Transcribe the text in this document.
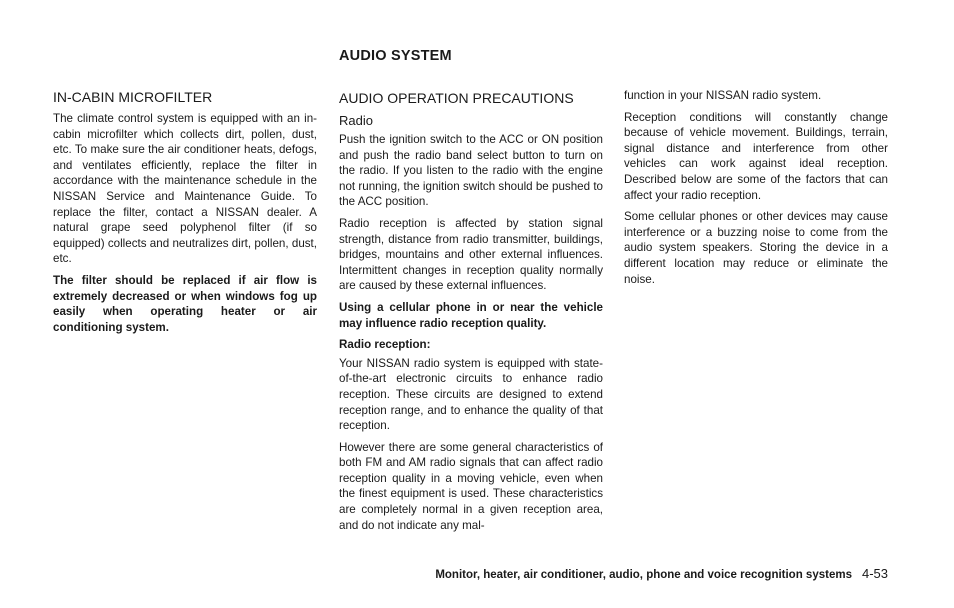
AUDIO SYSTEM
IN-CABIN MICROFILTER

The climate control system is equipped with an in-cabin microfilter which collects dirt, pollen, dust, etc. To make sure the air conditioner heats, defogs, and ventilates efficiently, replace the filter in accordance with the maintenance schedule in the NISSAN Service and Maintenance Guide. To replace the filter, contact a NISSAN dealer. A natural grape seed polyphenol filter (if so equipped) collects and neutralizes dirt, pollen, dust, etc.

The filter should be replaced if air flow is extremely decreased or when windows fog up easily when operating heater or air conditioning system.

AUDIO OPERATION PRECAUTIONS
Radio

Push the ignition switch to the ACC or ON position and push the radio band select button to turn on the radio. If you listen to the radio with the engine not running, the ignition switch should be pushed to the ACC position.

Radio reception is affected by station signal strength, distance from radio transmitter, buildings, bridges, mountains and other external influences. Intermittent changes in reception quality normally are caused by these external influences.

Using a cellular phone in or near the vehicle may influence radio reception quality.

Radio reception:

Your NISSAN radio system is equipped with state-of-the-art electronic circuits to enhance radio reception. These circuits are designed to extend reception range, and to enhance the quality of that reception.

However there are some general characteristics of both FM and AM radio signals that can affect radio reception quality in a moving vehicle, even when the finest equipment is used. These characteristics are completely normal in a given reception area, and do not indicate any mal-

function in your NISSAN radio system.

Reception conditions will constantly change because of vehicle movement. Buildings, terrain, signal distance and interference from other vehicles can work against ideal reception. Described below are some of the factors that can affect your radio reception.

Some cellular phones or other devices may cause interference or a buzzing noise to come from the audio system speakers. Storing the device in a different location may reduce or eliminate the noise.

Monitor, heater, air conditioner, audio, phone and voice recognition systems 4-53
